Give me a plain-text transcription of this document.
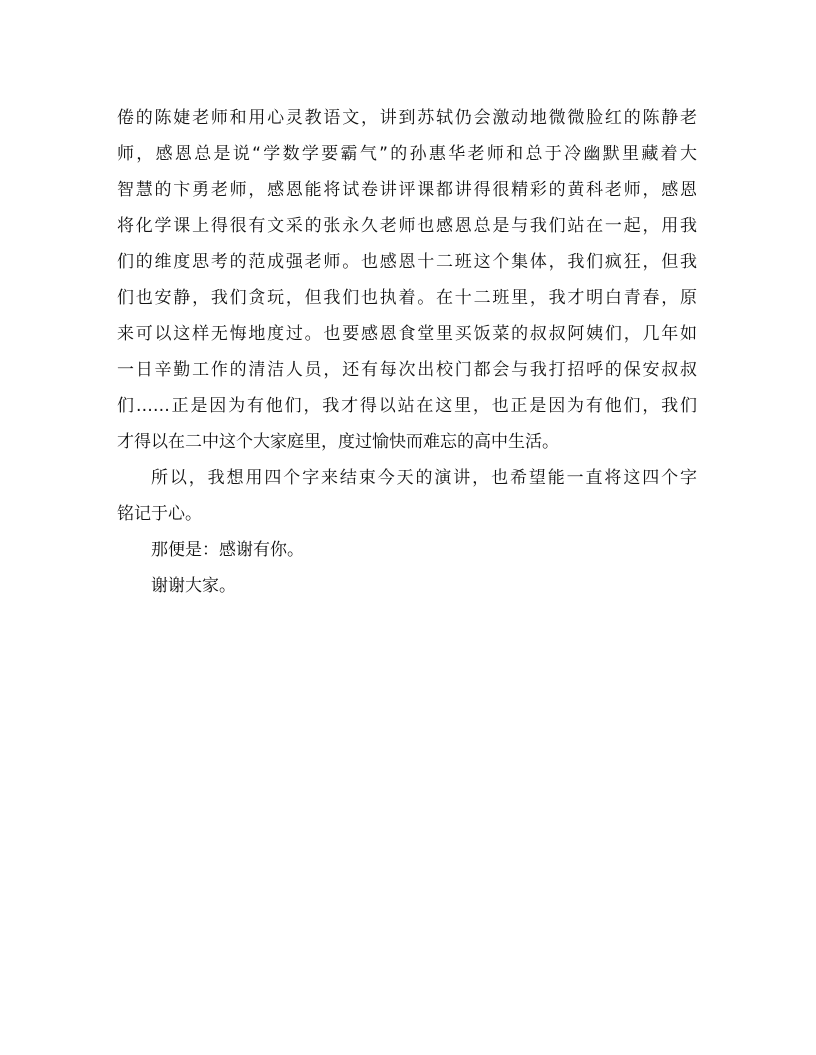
倦的陈婕老师和用心灵教语文，讲到苏轼仍会激动地微微脸红的陈静老
师，感恩总是说“学数学要霸气”的孙惠华老师和总于冷幽默里藏着大
智慧的卞勇老师，感恩能将试卷讲评课都讲得很精彩的黄科老师，感恩
将化学课上得很有文采的张永久老师也感恩总是与我们站在一起，用我
们的维度思考的范成强老师。也感恩十二班这个集体，我们疯狂，但我
们也安静，我们贪玩，但我们也执着。在十二班里，我才明白青春，原
来可以这样无悔地度过。也要感恩食堂里买饭菜的叔叔阿姨们，几年如
一日辛勤工作的清洁人员，还有每次出校门都会与我打招呼的保安叔叔
们……正是因为有他们，我才得以站在这里，也正是因为有他们，我们
才得以在二中这个大家庭里，度过愉快而难忘的高中生活。
所以，我想用四个字来结束今天的演讲，也希望能一直将这四个字
铭记于心。
那便是：感谢有你。
谢谢大家。
